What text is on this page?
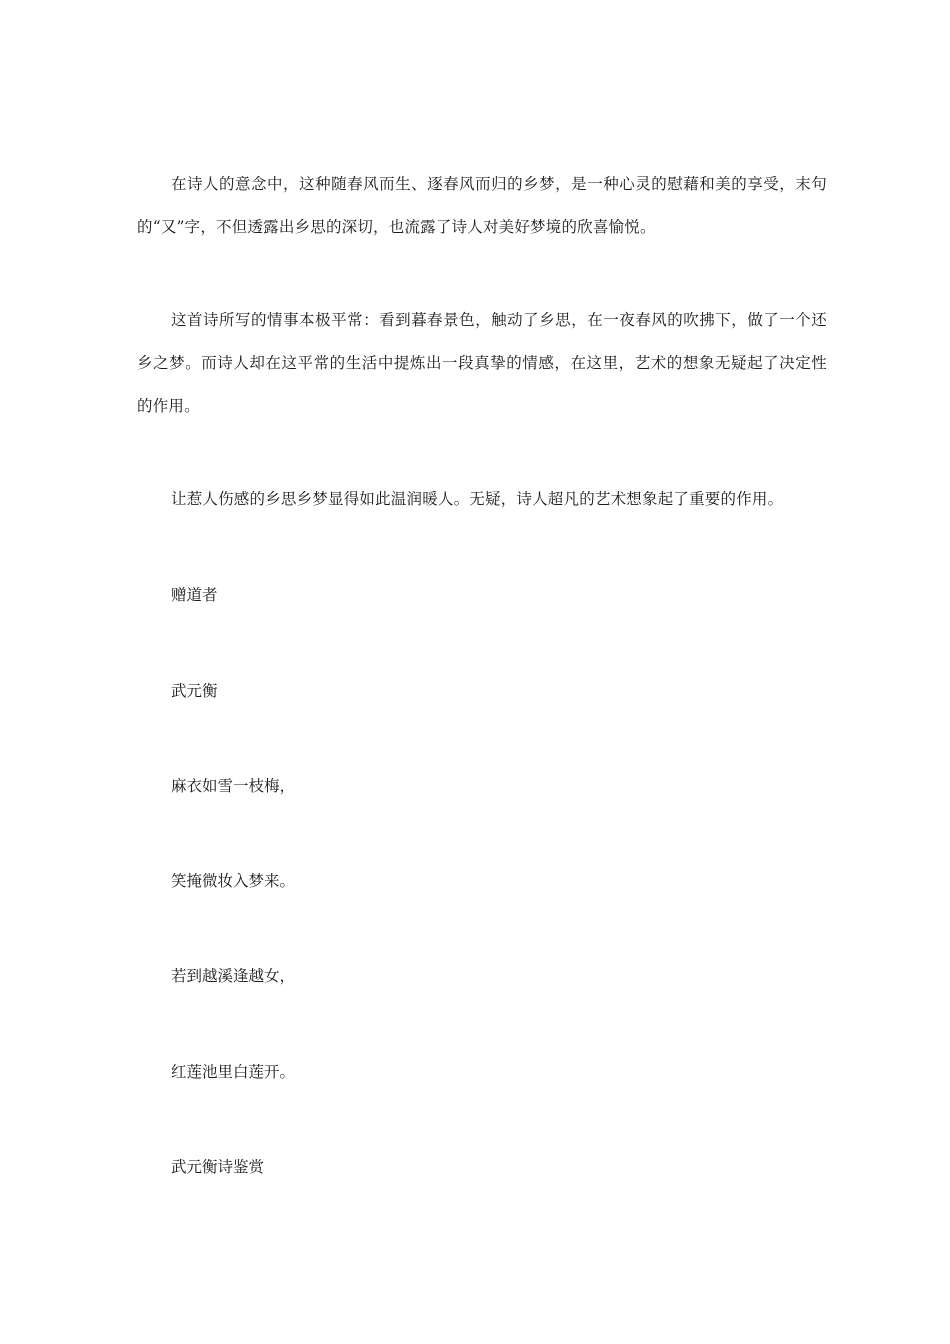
在诗人的意念中，这种随春风而生、逐春风而归的乡梦，是一种心灵的慰藉和美的享受，末句的“又”字，不但透露出乡思的深切，也流露了诗人对美好梦境的欣喜愉悦。

这首诗所写的情事本极平常：看到暮春景色，触动了乡思，在一夜春风的吹拂下，做了一个还乡之梦。而诗人却在这平常的生活中提炼出一段真挚的情感，在这里，艺术的想象无疑起了决定性的作用。

让惹人伤感的乡思乡梦显得如此温润暖人。无疑，诗人超凡的艺术想象起了重要的作用。

赠道者

武元衡

麻衣如雪一枝梅，

笑掩微妆入梦来。

若到越溪逢越女，

红莲池里白莲开。

武元衡诗鉴赏
